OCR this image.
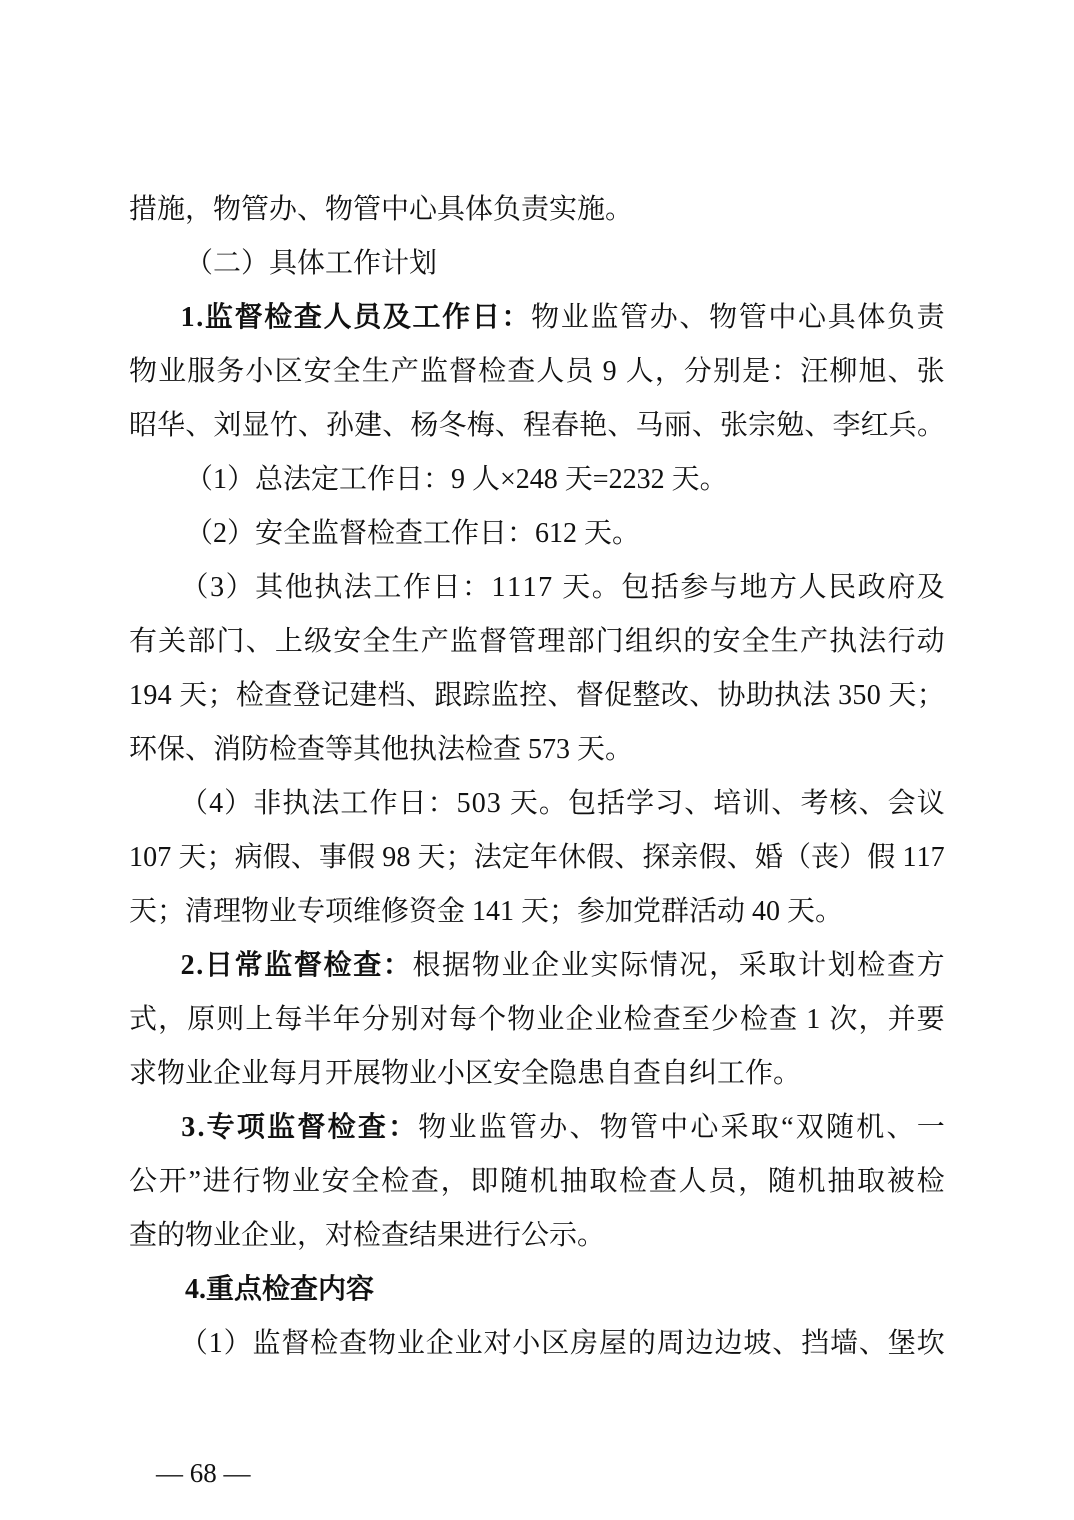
措施，物管办、物管中心具体负责实施。
（二）具体工作计划
1 . 监 督 检 查 人 员 及 工 作 日 ： 物 业 监 管 办 、 物 管 中 心 具 体 负 责
物 业 服 务 小 区 安 全 生 产 监 督 检 查 人 员
9
人 ， 分 别 是 ： 汪 柳 旭 、 张
昭 华 、 刘 显 竹 、 孙 建 、 杨 冬 梅 、 程 春 艳 、 马 丽 、 张 宗 勉 、 李 红 兵 。
（1）总法定工作日：9 人×248 天=2232 天。
（2）安全监督检查工作日：612 天。
（ 3 ） 其 他 执 法 工 作 日 ： 1 1 1 7
天 。 包 括 参 与 地 方 人 民 政 府 及
有 关 部 门 、 上 级 安 全 生 产 监 督 管 理 部 门 组 织 的 安 全 生 产 执 法 行 动
1 9 4
天 ； 检 查 登 记 建 档 、 跟 踪 监 控 、 督 促 整 改 、 协 助 执 法
3 5 0
天 ；
环保、消防检查等其他执法检查 573 天。
（ 4 ） 非 执 法 工 作 日 ： 5 0 3
天 。 包 括 学 习 、 培 训 、 考 核 、 会 议
1 0 7
天 ； 病 假 、 事 假
9 8
天 ； 法 定 年 休 假 、 探 亲 假 、 婚 （ 丧 ） 假
1 1 7
天；清理物业专项维修资金 141 天；参加党群活动 40 天。
2 . 日 常 监 督 检 查 ： 根 据 物 业 企 业 实 际 情 况 ， 采 取 计 划 检 查 方
式 ， 原 则 上 每 半 年 分 别 对 每 个 物 业 企 业 检 查 至 少 检 查
1
次 ， 并 要
求物业企业每月开展物业小区安全隐患自查自纠工作。
3 . 专 项 监 督 检 查 ： 物 业 监 管 办 、 物 管 中 心 采 取 “ 双 随 机 、 一
公 开 ” 进 行 物 业 安 全 检 查 ， 即 随 机 抽 取 检 查 人 员 ， 随 机 抽 取 被 检
查的物业企业，对检查结果进行公示。
4.重点检查内容
（ 1 ） 监 督 检 查 物 业 企 业 对 小 区 房 屋 的 周 边 边 坡 、 挡 墙 、 堡 坎

— 68 —
